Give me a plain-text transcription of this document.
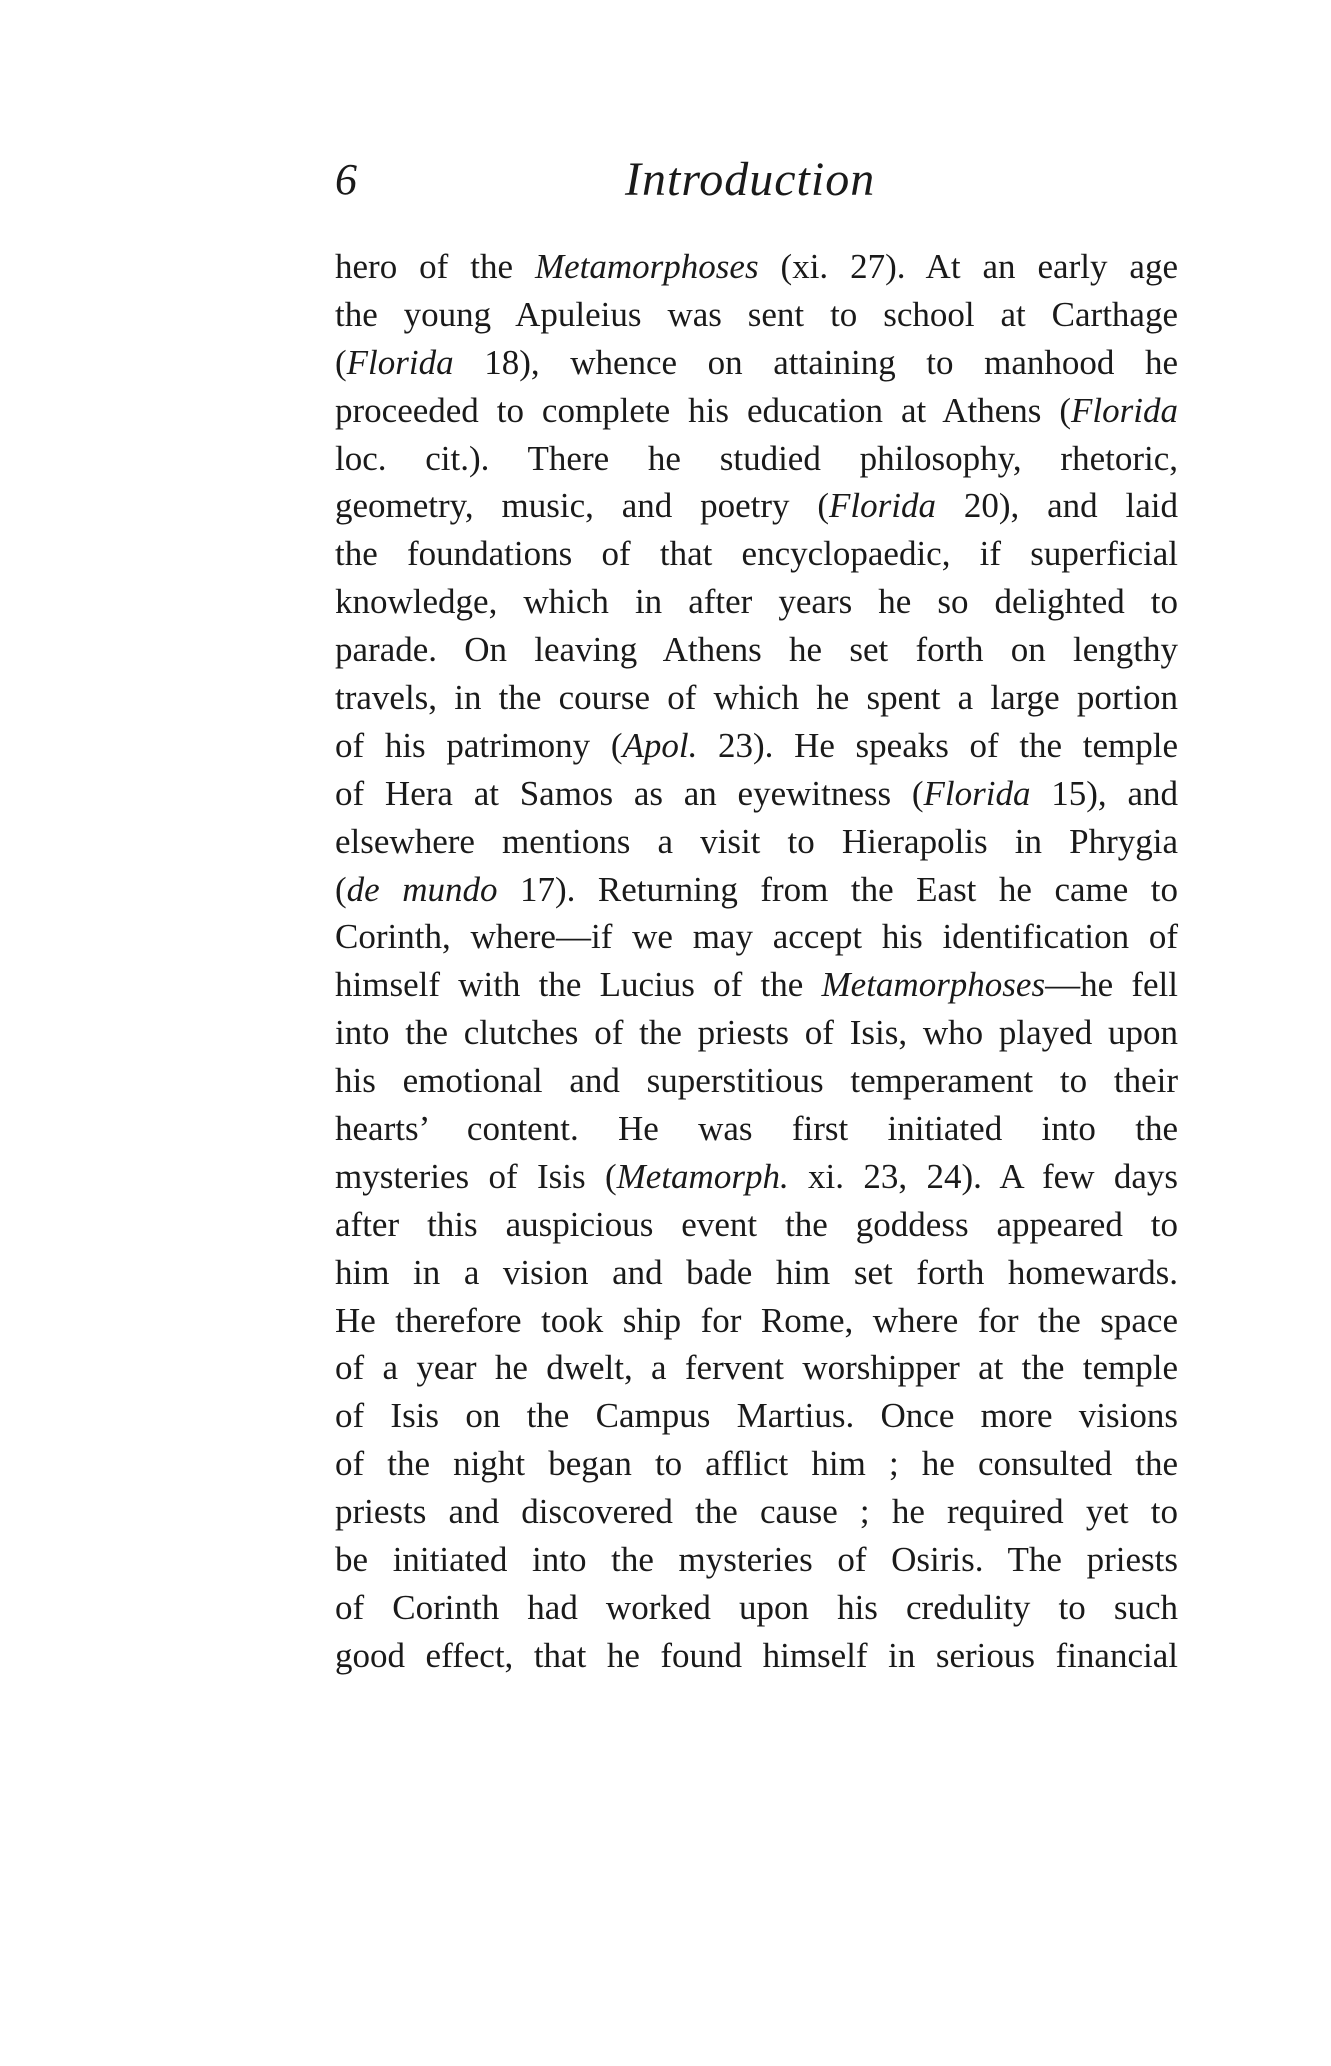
6	Introduction
hero of the Metamorphoses (xi. 27). At an early age
the young Apuleius was sent to school at Carthage
(Florida 18), whence on attaining to manhood he
proceeded to complete his education at Athens (Florida
loc. cit.). There he studied philosophy, rhetoric,
geometry, music, and poetry (Florida 20), and laid
the foundations of that encyclopaedic, if superficial
knowledge, which in after years he so delighted to
parade. On leaving Athens he set forth on lengthy
travels, in the course of which he spent a large portion
of his patrimony (Apol. 23). He speaks of the temple
of Hera at Samos as an eyewitness (Florida 15), and
elsewhere mentions a visit to Hierapolis in Phrygia
(de mundo 17). Returning from the East he came to
Corinth, where—if we may accept his identification of
himself with the Lucius of the Metamorphoses—he fell
into the clutches of the priests of Isis, who played upon
his emotional and superstitious temperament to their
hearts’ content. He was first initiated into the
mysteries of Isis (Metamorph. xi. 23, 24). A few days
after this auspicious event the goddess appeared to
him in a vision and bade him set forth homewards.
He therefore took ship for Rome, where for the space
of a year he dwelt, a fervent worshipper at the temple
of Isis on the Campus Martius. Once more visions
of the night began to afflict him ; he consulted the
priests and discovered the cause ; he required yet to
be initiated into the mysteries of Osiris. The priests
of Corinth had worked upon his credulity to such
good effect, that he found himself in serious financial
